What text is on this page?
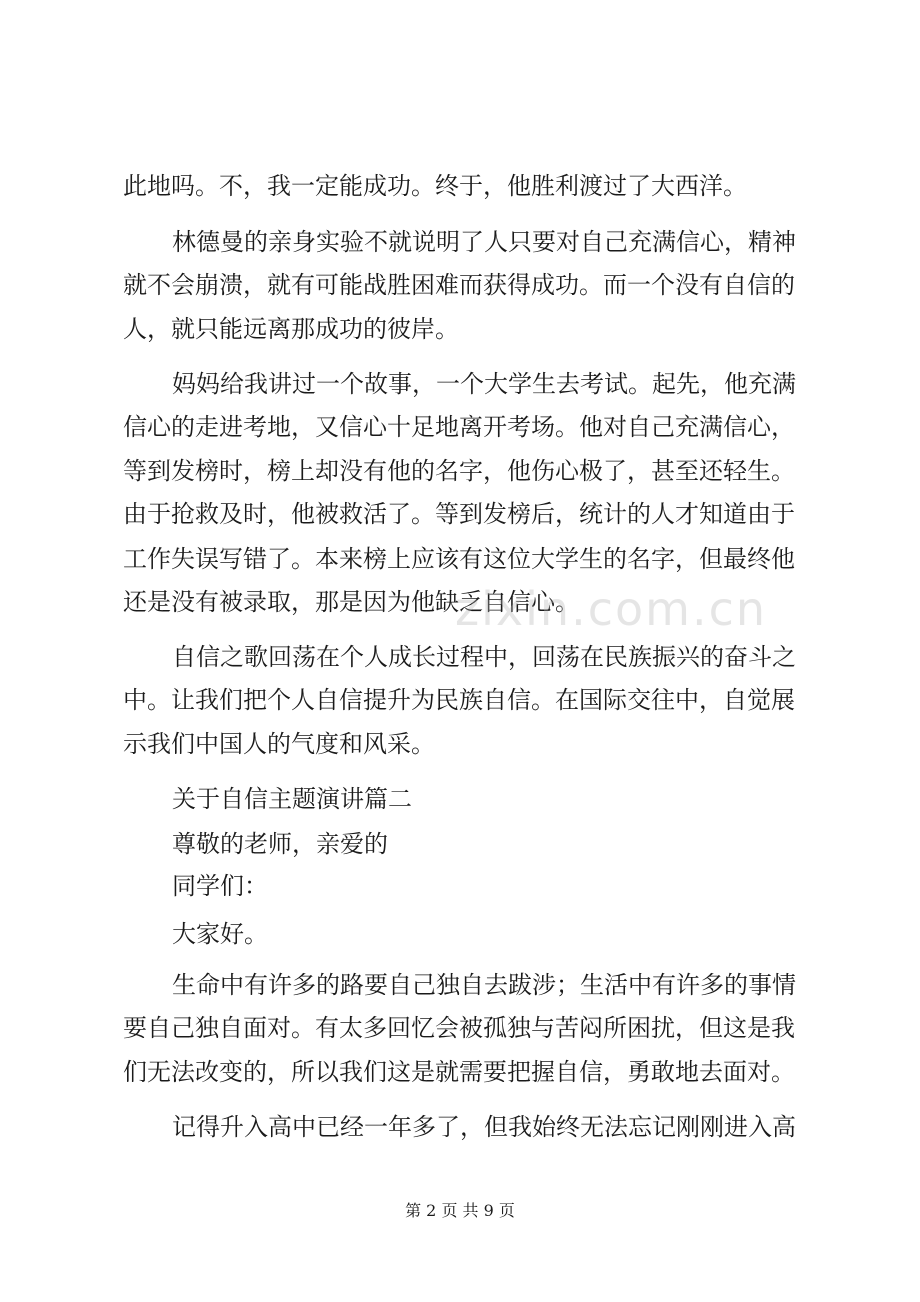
此地吗。不，我一定能成功。终于，他胜利渡过了大西洋。
林德曼的亲身实验不就说明了人只要对自己充满信心，精神
就不会崩溃，就有可能战胜困难而获得成功。而一个没有自信的
人，就只能远离那成功的彼岸。
妈妈给我讲过一个故事，一个大学生去考试。起先，他充满
信心的走进考地，又信心十足地离开考场。他对自己充满信心，
等到发榜时，榜上却没有他的名字，他伤心极了，甚至还轻生。
由于抢救及时，他被救活了。等到发榜后，统计的人才知道由于
工作失误写错了。本来榜上应该有这位大学生的名字，但最终他
还是没有被录取，那是因为他缺乏自信心。
自信之歌回荡在个人成长过程中，回荡在民族振兴的奋斗之
中。让我们把个人自信提升为民族自信。在国际交往中，自觉展
示我们中国人的气度和风采。
关于自信主题演讲篇二
尊敬的老师，亲爱的
同学们：
大家好。
生命中有许多的路要自己独自去跋涉；生活中有许多的事情
要自己独自面对。有太多回忆会被孤独与苦闷所困扰，但这是我
们无法改变的，所以我们这是就需要把握自信，勇敢地去面对。
记得升入高中已经一年多了，但我始终无法忘记刚刚进入高
zixin.com.cn
第 2 页 共 9 页
